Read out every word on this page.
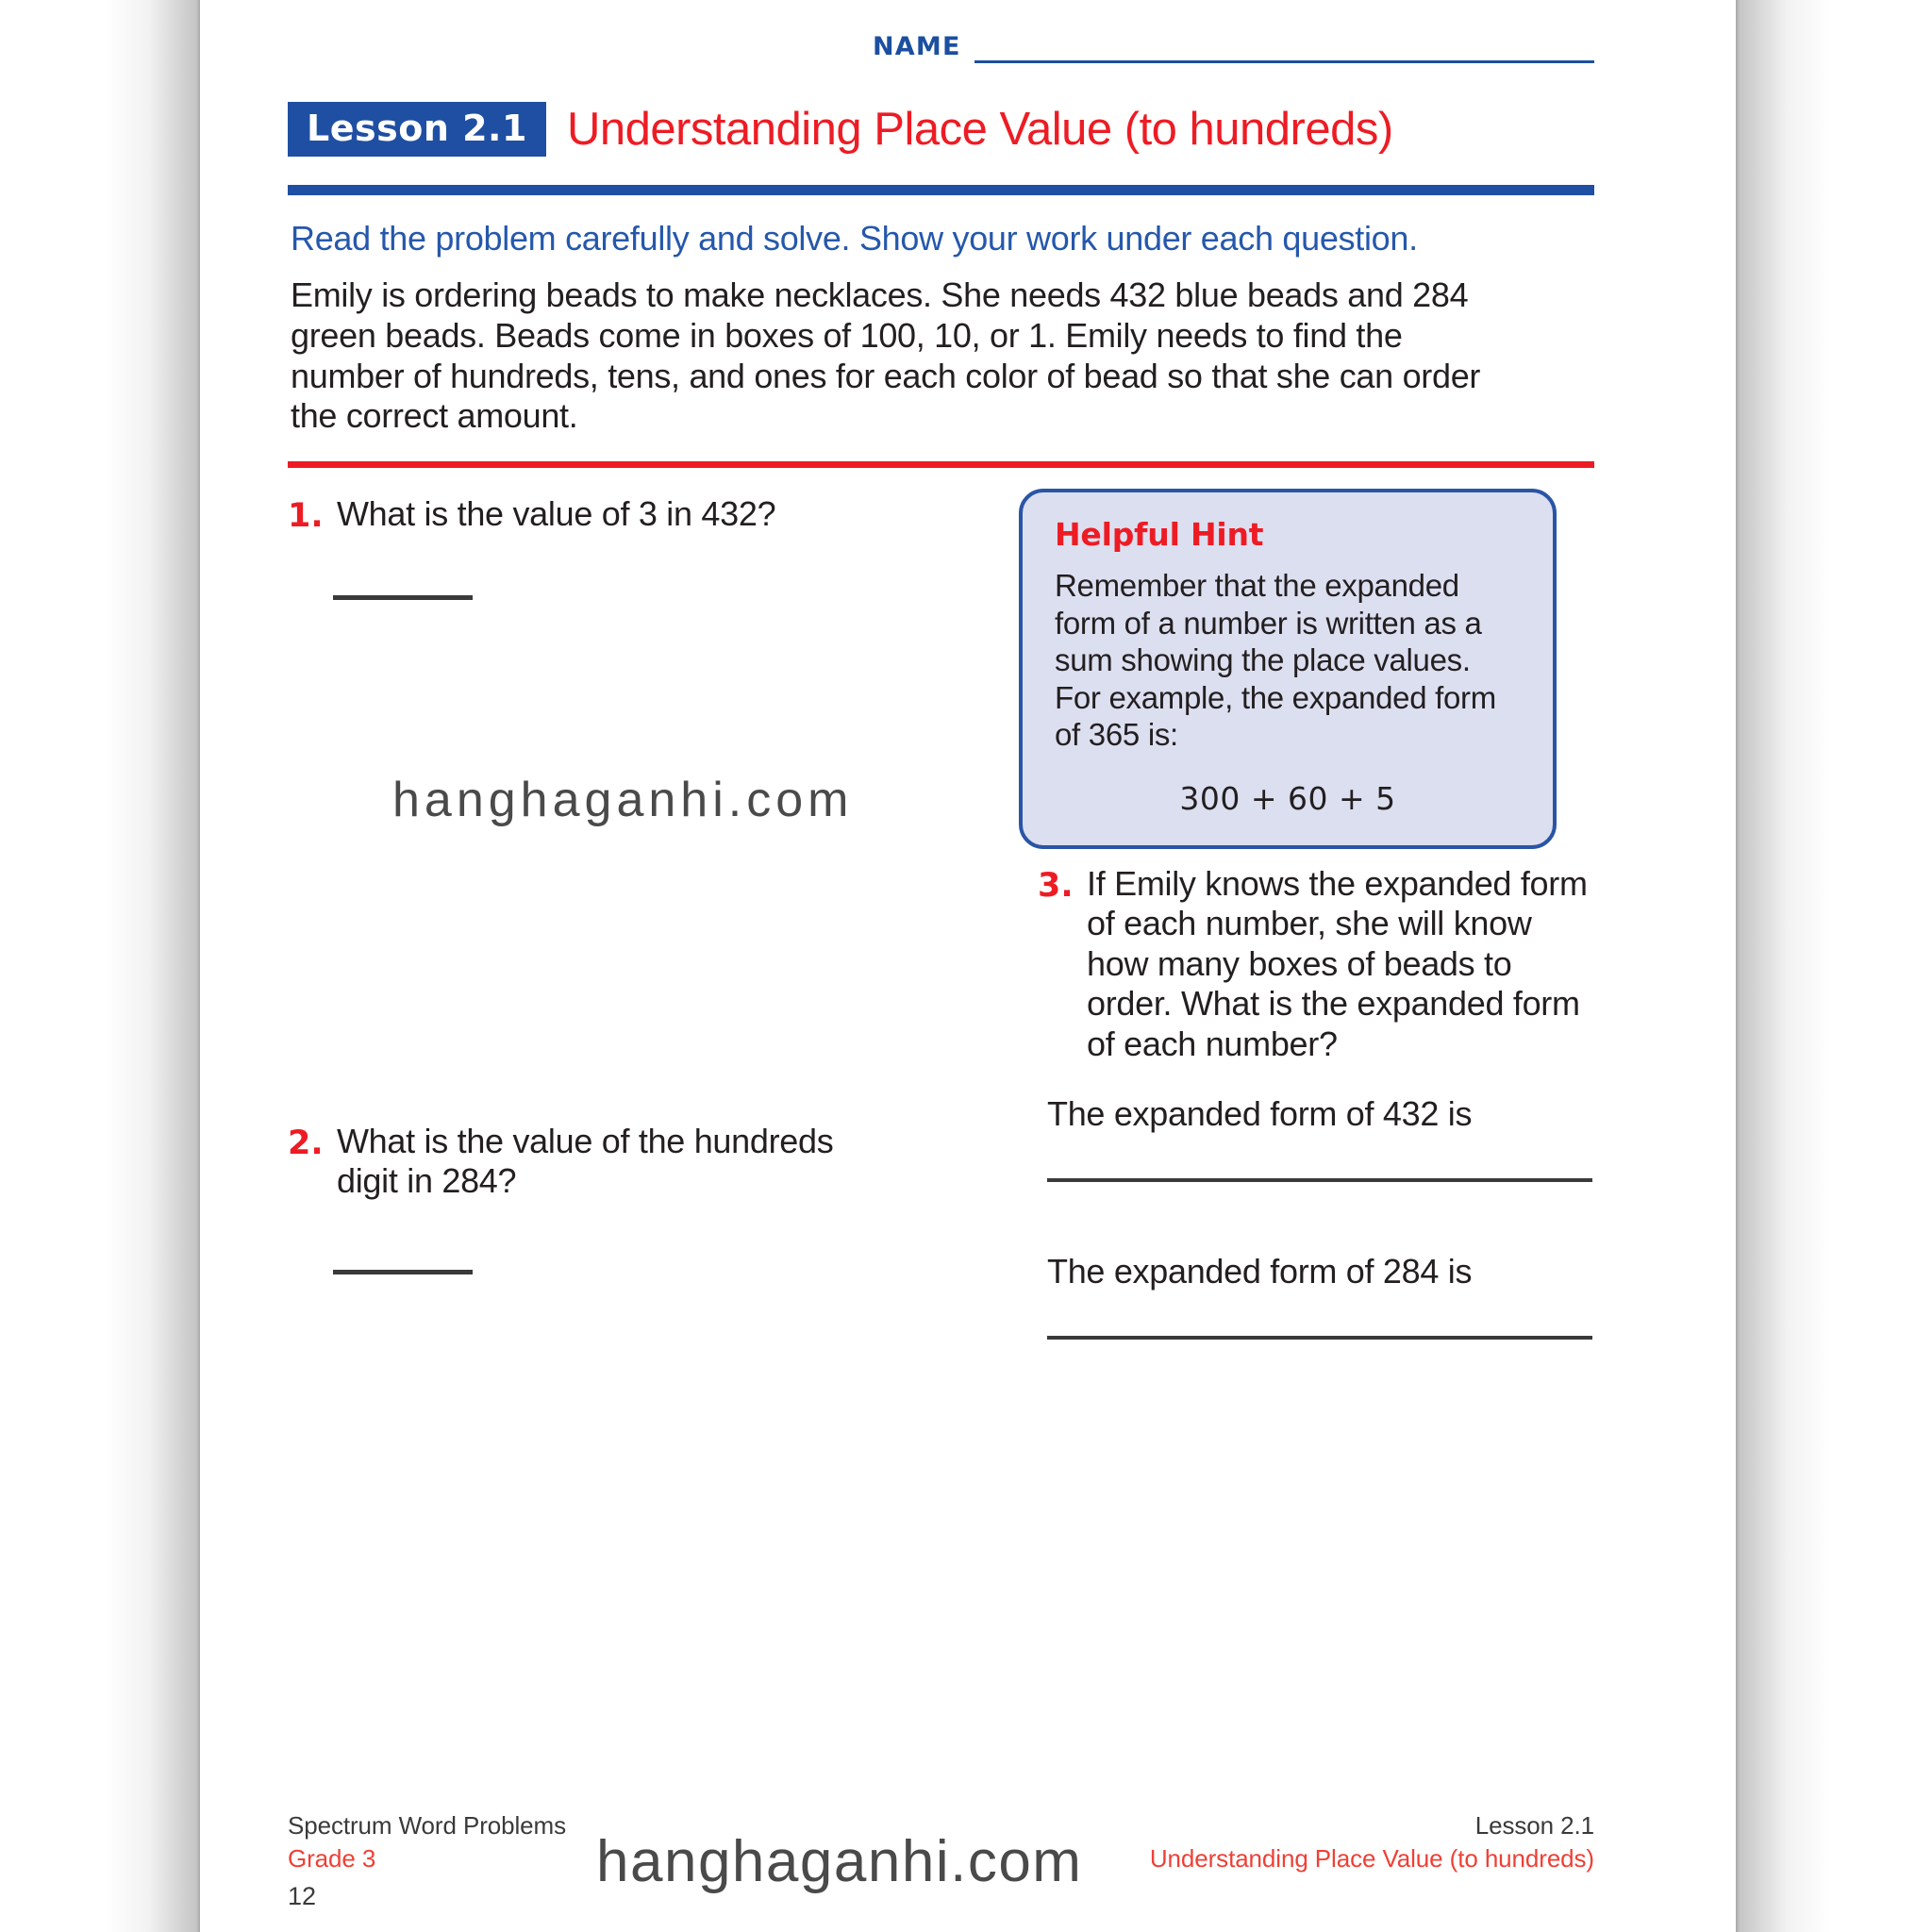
NAME
Lesson 2.1 Understanding Place Value (to hundreds)
Read the problem carefully and solve. Show your work under each question.
Emily is ordering beads to make necklaces. She needs 432 blue beads and 284 green beads. Beads come in boxes of 100, 10, or 1. Emily needs to find the number of hundreds, tens, and ones for each color of bead so that she can order the correct amount.
1. What is the value of 3 in 432?
2. What is the value of the hundreds digit in 284?
Helpful Hint
Remember that the expanded form of a number is written as a sum showing the place values. For example, the expanded form of 365 is:
300 + 60 + 5
3. If Emily knows the expanded form of each number, she will know how many boxes of beads to order. What is the expanded form of each number?
The expanded form of 432 is
The expanded form of 284 is
Spectrum Word Problems
Grade 3
12
Lesson 2.1
Understanding Place Value (to hundreds)
hanghaganhi.com
hanghaganhi.com
